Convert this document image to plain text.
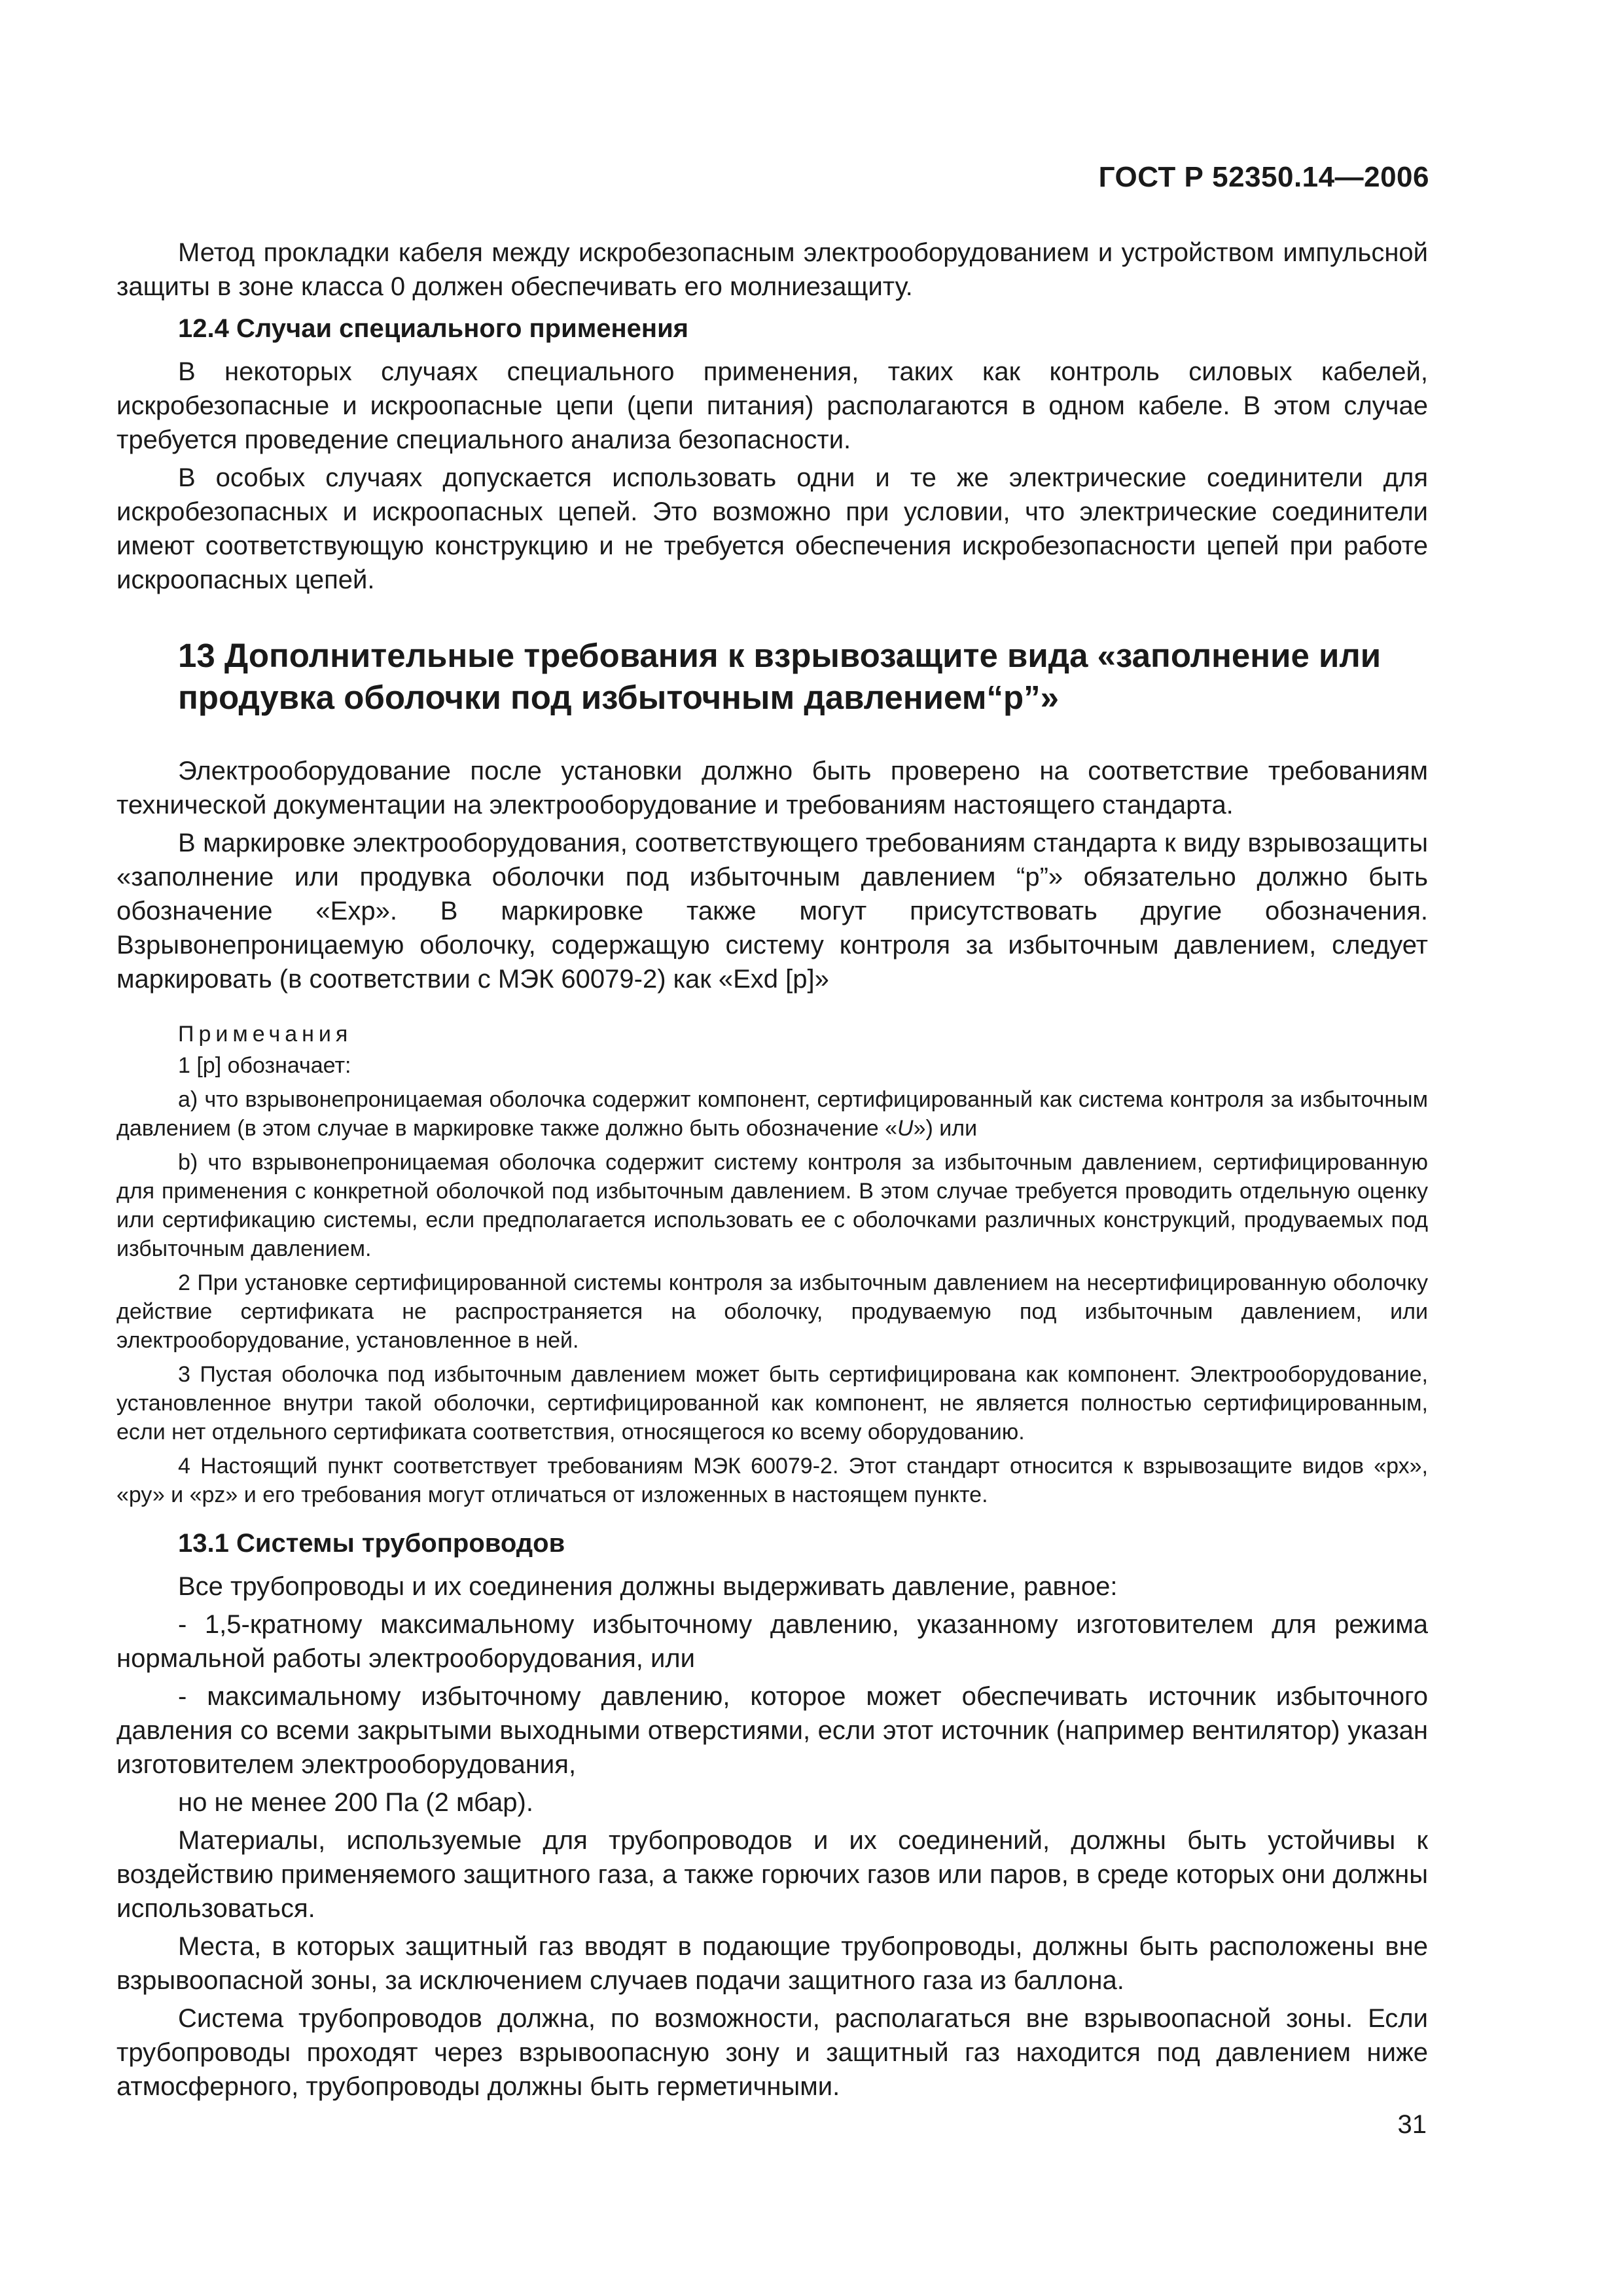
ГОСТ Р 52350.14—2006

Метод прокладки кабеля между искробезопасным электрооборудованием и устройством импульсной защиты в зоне класса 0 должен обеспечивать его молниезащиту.

12.4 Случаи специального применения

В некоторых случаях специального применения, таких как контроль силовых кабелей, искробезопасные и искроопасные цепи (цепи питания) располагаются в одном кабеле. В этом случае требуется проведение специального анализа безопасности.

В особых случаях допускается использовать одни и те же электрические соединители для искробезопасных и искроопасных цепей. Это возможно при условии, что электрические соединители имеют соответствующую конструкцию и не требуется обеспечения искробезопасности цепей при работе искроопасных цепей.

13 Дополнительные требования к взрывозащите вида «заполнение или продувка оболочки под избыточным давлением“р”»

Электрооборудование после установки должно быть проверено на соответствие требованиям технической документации на электрооборудование и требованиям настоящего стандарта.

В маркировке электрооборудования, соответствующего требованиям стандарта к виду взрывозащиты «заполнение или продувка оболочки под избыточным давлением “р”» обязательно должно быть обозначение «Ехр». В маркировке также могут присутствовать другие обозначения. Взрывонепроницаемую оболочку, содержащую систему контроля за избыточным давлением, следует маркировать (в соответствии с МЭК 60079-2) как «Exd [р]»

Примечания

1 [р] обозначает:

а) что взрывонепроницаемая оболочка содержит компонент, сертифицированный как система контроля за избыточным давлением (в этом случае в маркировке также должно быть обозначение «U») или

b) что взрывонепроницаемая оболочка содержит систему контроля за избыточным давлением, сертифицированную для применения с конкретной оболочкой под избыточным давлением. В этом случае требуется проводить отдельную оценку или сертификацию системы, если предполагается использовать ее с оболочками различных конструкций, продуваемых под избыточным давлением.

2 При установке сертифицированной системы контроля за избыточным давлением на несертифицированную оболочку действие сертификата не распространяется на оболочку, продуваемую под избыточным давлением, или электрооборудование, установленное в ней.

3 Пустая оболочка под избыточным давлением может быть сертифицирована как компонент. Электрооборудование, установленное внутри такой оболочки, сертифицированной как компонент, не является полностью сертифицированным, если нет отдельного сертификата соответствия, относящегося ко всему оборудованию.

4 Настоящий пункт соответствует требованиям МЭК 60079-2. Этот стандарт относится к взрывозащите видов «рх», «ру» и «pz» и его требования могут отличаться от изложенных в настоящем пункте.

13.1 Системы трубопроводов

Все трубопроводы и их соединения должны выдерживать давление, равное:

- 1,5-кратному максимальному избыточному давлению, указанному изготовителем для режима нормальной работы электрооборудования, или

- максимальному избыточному давлению, которое может обеспечивать источник избыточного давления со всеми закрытыми выходными отверстиями, если этот источник (например вентилятор) указан изготовителем электрооборудования,

но не менее 200 Па (2 мбар).

Материалы, используемые для трубопроводов и их соединений, должны быть устойчивы к воздействию применяемого защитного газа, а также горючих газов или паров, в среде которых они должны использоваться.

Места, в которых защитный газ вводят в подающие трубопроводы, должны быть расположены вне взрывоопасной зоны, за исключением случаев подачи защитного газа из баллона.

Система трубопроводов должна, по возможности, располагаться вне взрывоопасной зоны. Если трубопроводы проходят через взрывоопасную зону и защитный газ находится под давлением ниже атмосферного, трубопроводы должны быть герметичными.

31
